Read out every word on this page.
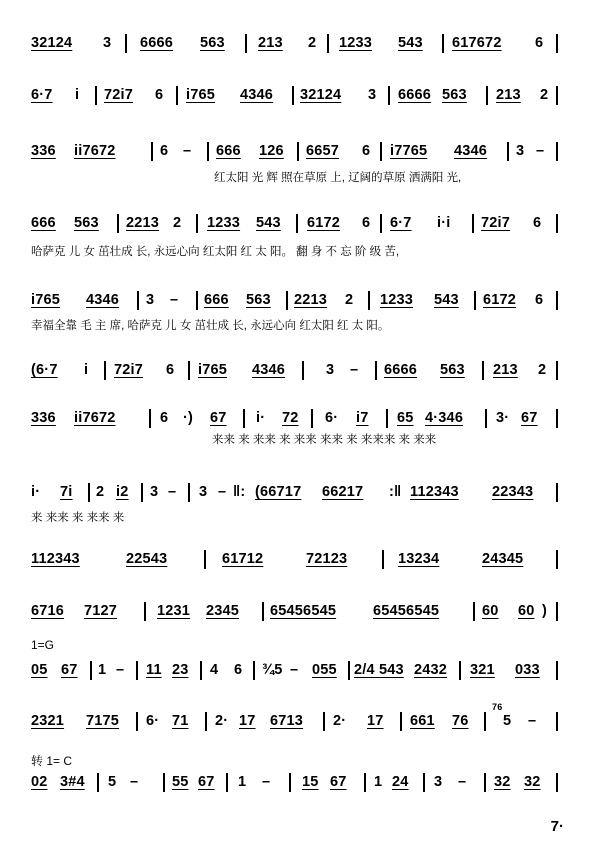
32124 3 6666 563 213 2 1233 543 617672 6
6·7 i 72i7 6 i765 4346 32124 3 6666 563 213 2
336 ii7672	6 – 666 126 6657 6 i7765 4346 3 –
红太阳 光 辉 照在草原 上, 辽阔的草原 洒满阳 光,
666 563 2213 2 1233 543 6172 6 6·7 i·i 72i7 6
哈萨克 儿 女 茁壮成 长, 永远心向 红太阳 红 太 阳。 翻 身 不 忘 阶 级 苦,
i765 4346 3 – 666 563 2213 2 1233 543 6172 6
幸福全靠 毛 主 席, 哈萨克 儿 女 茁壮成 长, 永远心向 红太阳 红 太 阳。
(6·7 i 72i7 6 i765 4346	3 – 6666 563 213 2
336 ii7672	6 ·) 67 i· 72 6· i7 65 4·346 3· 67
来来 来 来来 来 来来 来来 来 来来来 来 来来
i· 7i 2 i2 3 – 3 – ‖: (66717 66217 :‖ 112343 22343
来 来来 来 来来 来
112343	22543	61712	72123	13234	24345
6716 7127	1231 2345 65456545	65456545	60 60 )
1=G
05 67 1 – 11 23 4 6 ¾5 – 055 2/4 543 2432 321 033
2321 7175 6· 71 2· 17 6713 2· 17 661 76
76
5 –
转 1= C
02 3#4 5 – 55 67 1 – 15 67 1 24 3 – 32 32
7·
